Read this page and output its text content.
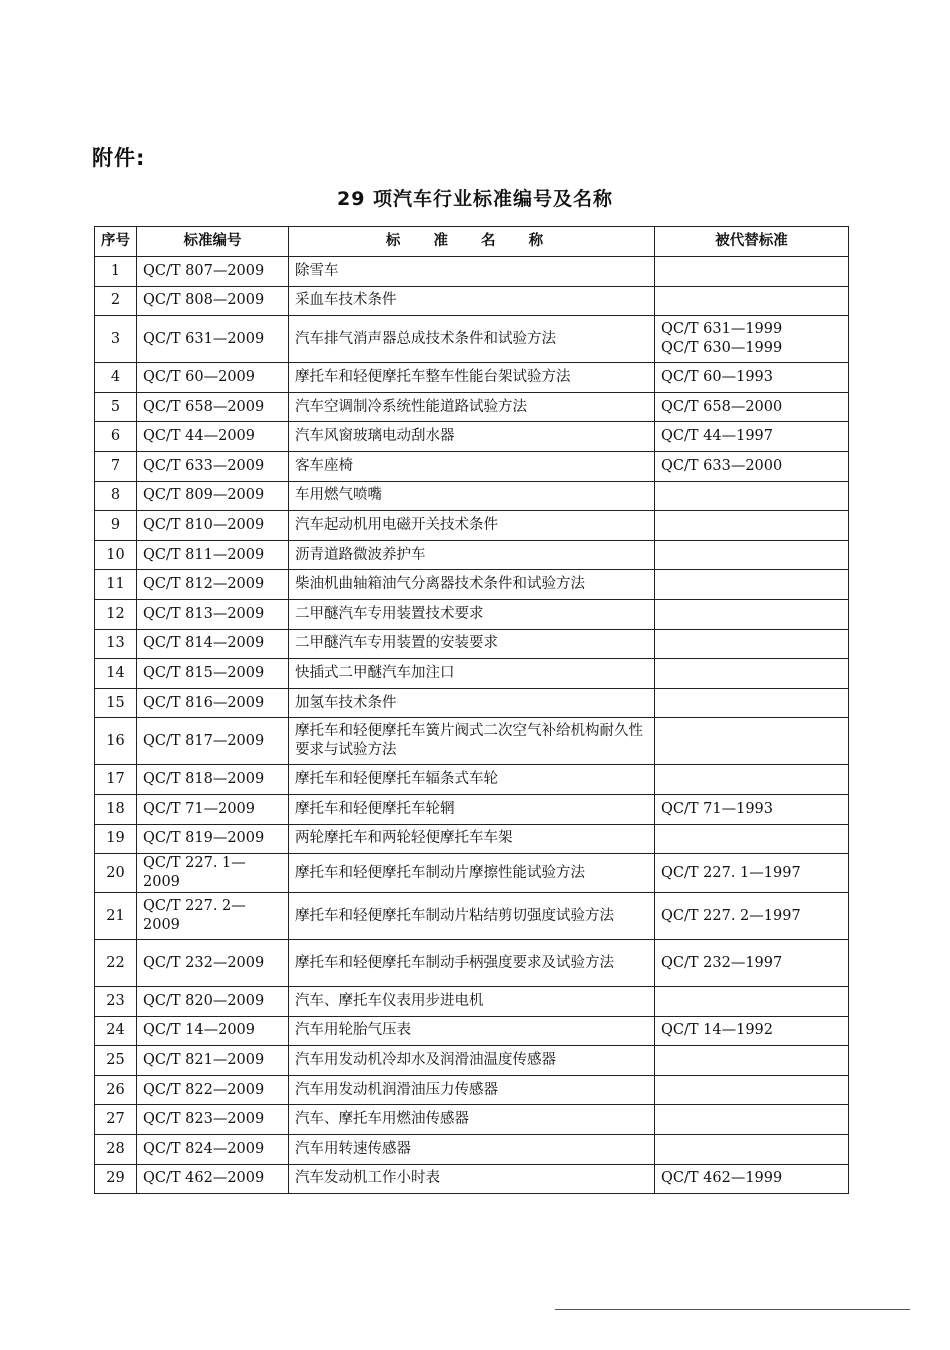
附件:
29 项汽车行业标准编号及名称
序号	标准编号	标 准 名 称	被代替标准
1	QC/T 807—2009	除雪车	
2	QC/T 808—2009	采血车技术条件	
3	QC/T 631—2009	汽车排气消声器总成技术条件和试验方法	QC/T 631—1999
QC/T 630—1999

4	QC/T 60—2009	摩托车和轻便摩托车整车性能台架试验方法	QC/T 60—1993

5	QC/T 658—2009	汽车空调制冷系统性能道路试验方法	QC/T 658—2000

6	QC/T 44—2009	汽车风窗玻璃电动刮水器	QC/T 44—1997

7	QC/T 633—2009	客车座椅	QC/T 633—2000

8	QC/T 809—2009	车用燃气喷嘴	
9	QC/T 810—2009	汽车起动机用电磁开关技术条件	
10	QC/T 811—2009	沥青道路微波养护车	
11	QC/T 812—2009	柴油机曲轴箱油气分离器技术条件和试验方法	
12	QC/T 813—2009	二甲醚汽车专用装置技术要求	
13	QC/T 814—2009	二甲醚汽车专用装置的安装要求	
14	QC/T 815—2009	快插式二甲醚汽车加注口	
15	QC/T 816—2009	加氢车技术条件	
16	QC/T 817—2009	摩托车和轻便摩托车簧片阀式二次空气补给机构耐久性要求与试验方法	
17	QC/T 818—2009	摩托车和轻便摩托车辐条式车轮	
18	QC/T 71—2009	摩托车和轻便摩托车轮辋	QC/T 71—1993

19	QC/T 819—2009	两轮摩托车和两轮轻便摩托车车架	
20	QC/T 227. 1—2009	摩托车和轻便摩托车制动片摩擦性能试验方法	QC/T 227. 1—1997

21	QC/T 227. 2—2009	摩托车和轻便摩托车制动片粘结剪切强度试验方法	QC/T 227. 2—1997

22	QC/T 232—2009	摩托车和轻便摩托车制动手柄强度要求及试验方法	QC/T 232—1997

23	QC/T 820—2009	汽车、摩托车仪表用步进电机	
24	QC/T 14—2009	汽车用轮胎气压表	QC/T 14—1992

25	QC/T 821—2009	汽车用发动机冷却水及润滑油温度传感器	
26	QC/T 822—2009	汽车用发动机润滑油压力传感器	
27	QC/T 823—2009	汽车、摩托车用燃油传感器	
28	QC/T 824—2009	汽车用转速传感器	
29	QC/T 462—2009	汽车发动机工作小时表	QC/T 462—1999
